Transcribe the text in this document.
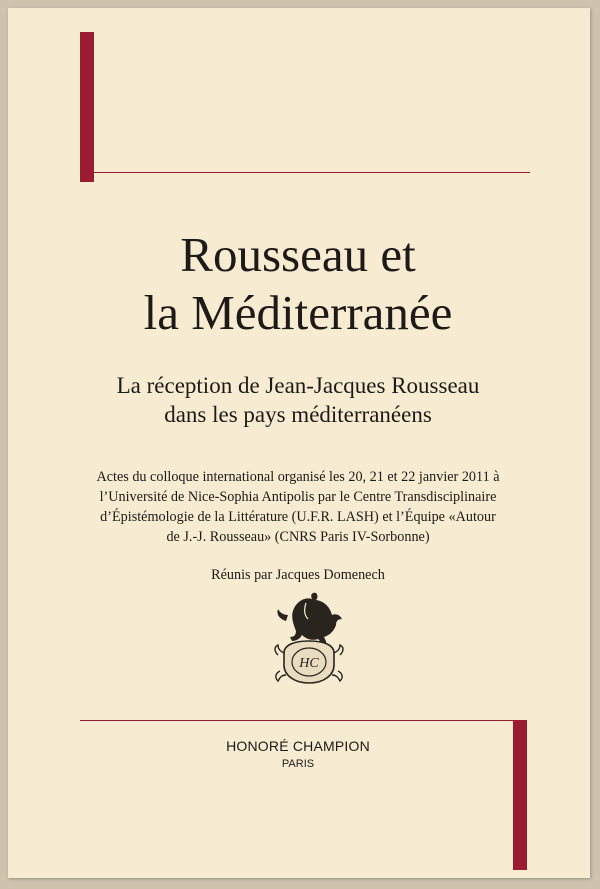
Rousseau et
la Méditerranée
La réception de Jean-Jacques Rousseau
dans les pays méditerranéens

Actes du colloque international organisé les 20, 21 et 22 janvier 2011 à
l’Université de Nice-Sophia Antipolis par le Centre Transdisciplinaire
d’Épistémologie de la Littérature (U.F.R. LASH) et l’Équipe «Autour
de J.-J. Rousseau» (CNRS Paris IV-Sorbonne)

Réunis par Jacques Domenech

HC

HONORÉ CHAMPION

PARIS
